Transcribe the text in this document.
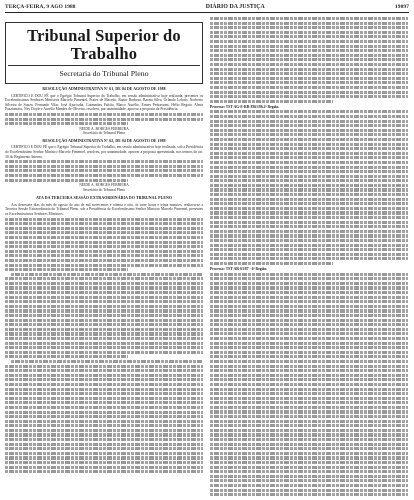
TERÇA-FEIRA, 9 AGO 1988	DIÁRIO DA JUSTIÇA	19097
Tribunal Superior do Trabalho
Secretaria do Tribunal Pleno
RESOLUÇÃO ADMINISTRATIVA Nº 61, DE 04 DE AGOSTO DE 1988
CERTIFICO E DOU FÉ que o Egrégio Tribunal Superior do Trabalho, em sessão administrativa hoje realizada, presentes os Excelentíssimos Senhores Ministros Marcelo Pimentel, Prates de Macedo, Ranor Barbosa, Barata Silva, Orlando Lobato, Norberto Silveira de Souza, Fernando Vilar, José Ajuricaba, Guimarães Falcão, Marco Aurélio, Ermes Pedrassani, Hélio Regato, Almir Pazzianotto, Ney Doyle e Aurélio Mendes de Oliveira, resolveu, por unanimidade, aprovar a proposta da Presidência.
NEIDE A. BORGES FERREIRA
Secretária do Tribunal Pleno
RESOLUÇÃO ADMINISTRATIVA Nº 62, DE 04 DE AGOSTO DE 1988
CERTIFICO E DOU FÉ que o Egrégio Tribunal Superior do Trabalho, em sessão administrativa hoje realizada, sob a Presidência do Excelentíssimo Senhor Ministro Marcelo Pimentel, resolveu, por unanimidade, aprovar a proposta apresentada, nos termos do art. 30 do Regimento Interno.
NEIDE A. BORGES FERREIRA
Secretária do Tribunal Pleno
ATA DA TERCEIRA SESSÃO EXTRAORDINÁRIA DO TRIBUNAL PLENO
Aos dezessete dias do mês de agosto do ano de mil novecentos e oitenta e oito, às treze horas e trinta minutos, realizou-se a Terceira Sessão Extraordinária do Tribunal Pleno, sob a Presidência do Excelentíssimo Senhor Ministro Marcelo Pimentel, presentes os Excelentíssimos Senhores Ministros.
Processo: TST-AG-E-RR-8361/86.2ª Região.
Processo: TST-AR-63/87 - 6ª Região.
